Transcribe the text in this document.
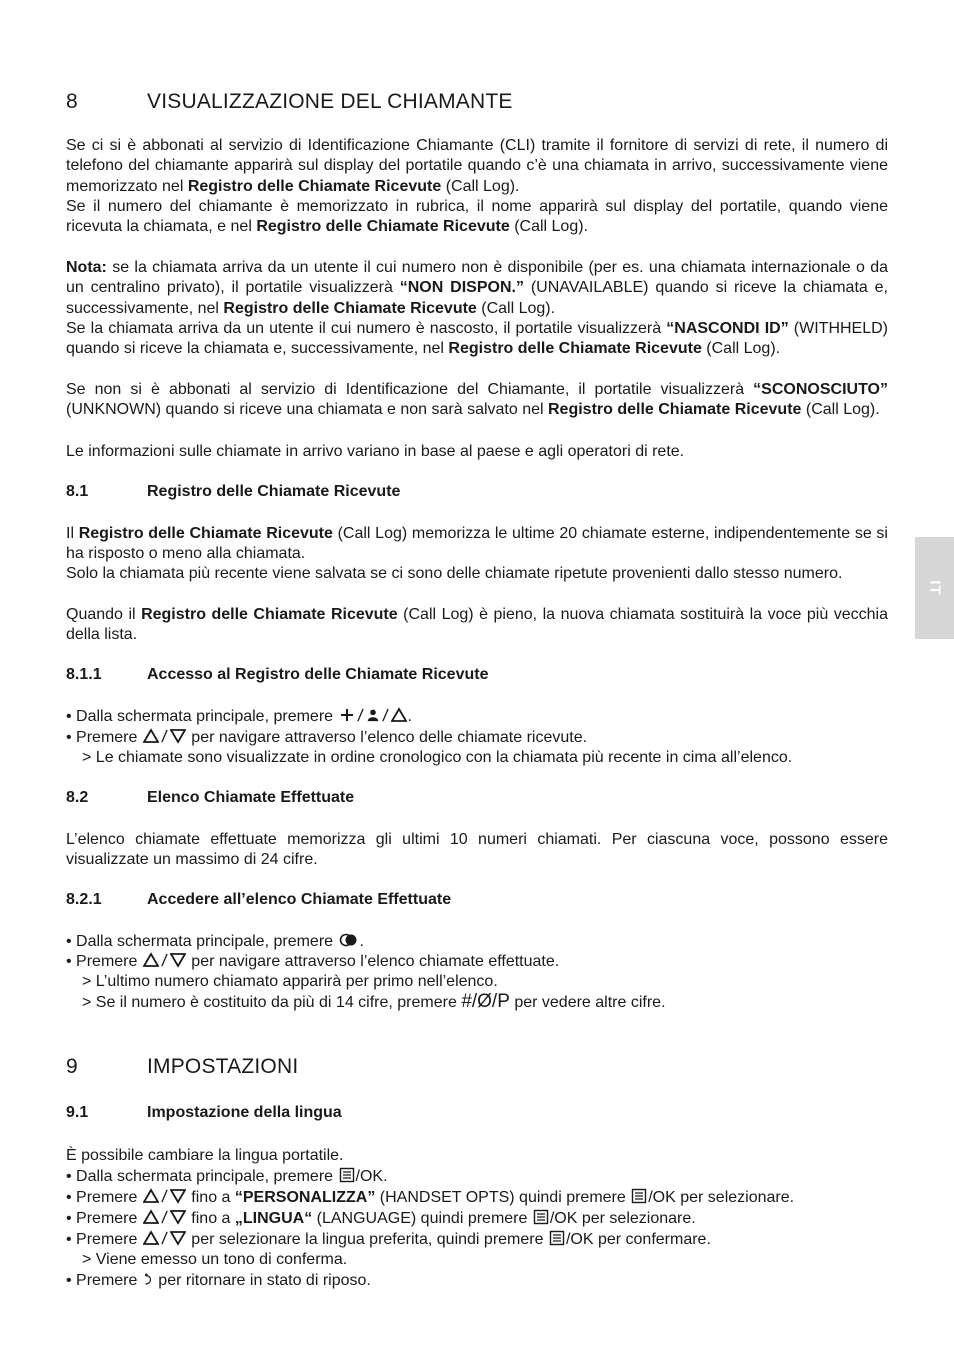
8	VISUALIZZAZIONE DEL CHIAMANTE
Se ci si è abbonati al servizio di Identificazione Chiamante (CLI) tramite il fornitore di servizi di rete, il numero di telefono del chiamante apparirà sul display del portatile quando c’è una chiamata in arrivo, successivamente viene memorizzato nel Registro delle Chiamate Ricevute (Call Log).
Se il numero del chiamante è memorizzato in rubrica, il nome apparirà sul display del portatile, quando viene ricevuta la chiamata, e nel Registro delle Chiamate Ricevute (Call Log).
Nota: se la chiamata arriva da un utente il cui numero non è disponibile (per es. una chiamata internazionale o da un centralino privato), il portatile visualizzerà “NON DISPON.” (UNAVAILABLE) quando si riceve la chiamata e, successivamente, nel Registro delle Chiamate Ricevute (Call Log).
Se la chiamata arriva da un utente il cui numero è nascosto, il portatile visualizzerà “NASCONDI ID” (WITHHELD) quando si riceve la chiamata e, successivamente, nel Registro delle Chiamate Ricevute (Call Log).
Se non si è abbonati al servizio di Identificazione del Chiamante, il portatile visualizzerà “SCONOSCIUTO” (UNKNOWN) quando si riceve una chiamata e non sarà salvato nel Registro delle Chiamate Ricevute (Call Log).
Le informazioni sulle chiamate in arrivo variano in base al paese e agli operatori di rete.
8.1	Registro delle Chiamate Ricevute
Il Registro delle Chiamate Ricevute (Call Log) memorizza le ultime 20 chiamate esterne, indipendentemente se si ha risposto o meno alla chiamata.
Solo la chiamata più recente viene salvata se ci sono delle chiamate ripetute provenienti dallo stesso numero.
Quando il Registro delle Chiamate Ricevute (Call Log) è pieno, la nuova chiamata sostituirà la voce più vecchia della lista.
8.1.1	Accesso al Registro delle Chiamate Ricevute
• Dalla schermata principale, premere	.
• Premere	per navigare attraverso l’elenco delle chiamate ricevute.
> Le chiamate sono visualizzate in ordine cronologico con la chiamata più recente in cima all’elenco.
8.2	Elenco Chiamate Effettuate
L’elenco chiamate effettuate memorizza gli ultimi 10 numeri chiamati. Per ciascuna voce, possono essere visualizzate un massimo di 24 cifre.
8.2.1	Accedere all’elenco Chiamate Effettuate
• Dalla schermata principale, premere .
• Premere	per navigare attraverso l’elenco chiamate effettuate.
> L’ultimo numero chiamato apparirà per primo nell’elenco.
> Se il numero è costituito da più di 14 cifre, premere #/Ø/P per vedere altre cifre.
9	IMPOSTAZIONI
9.1	Impostazione della lingua
È possibile cambiare la lingua portatile.
• Dalla schermata principale, premere /OK.
• Premere	fino a “PERSONALIZZA” (HANDSET OPTS) quindi premere /OK per selezionare.
• Premere	fino a „LINGUA“ (LANGUAGE) quindi premere /OK per selezionare.
• Premere	per selezionare la lingua preferita, quindi premere /OK per confermare.
> Viene emesso un tono di conferma.
• Premere  per ritornare in stato di riposo.
IT
